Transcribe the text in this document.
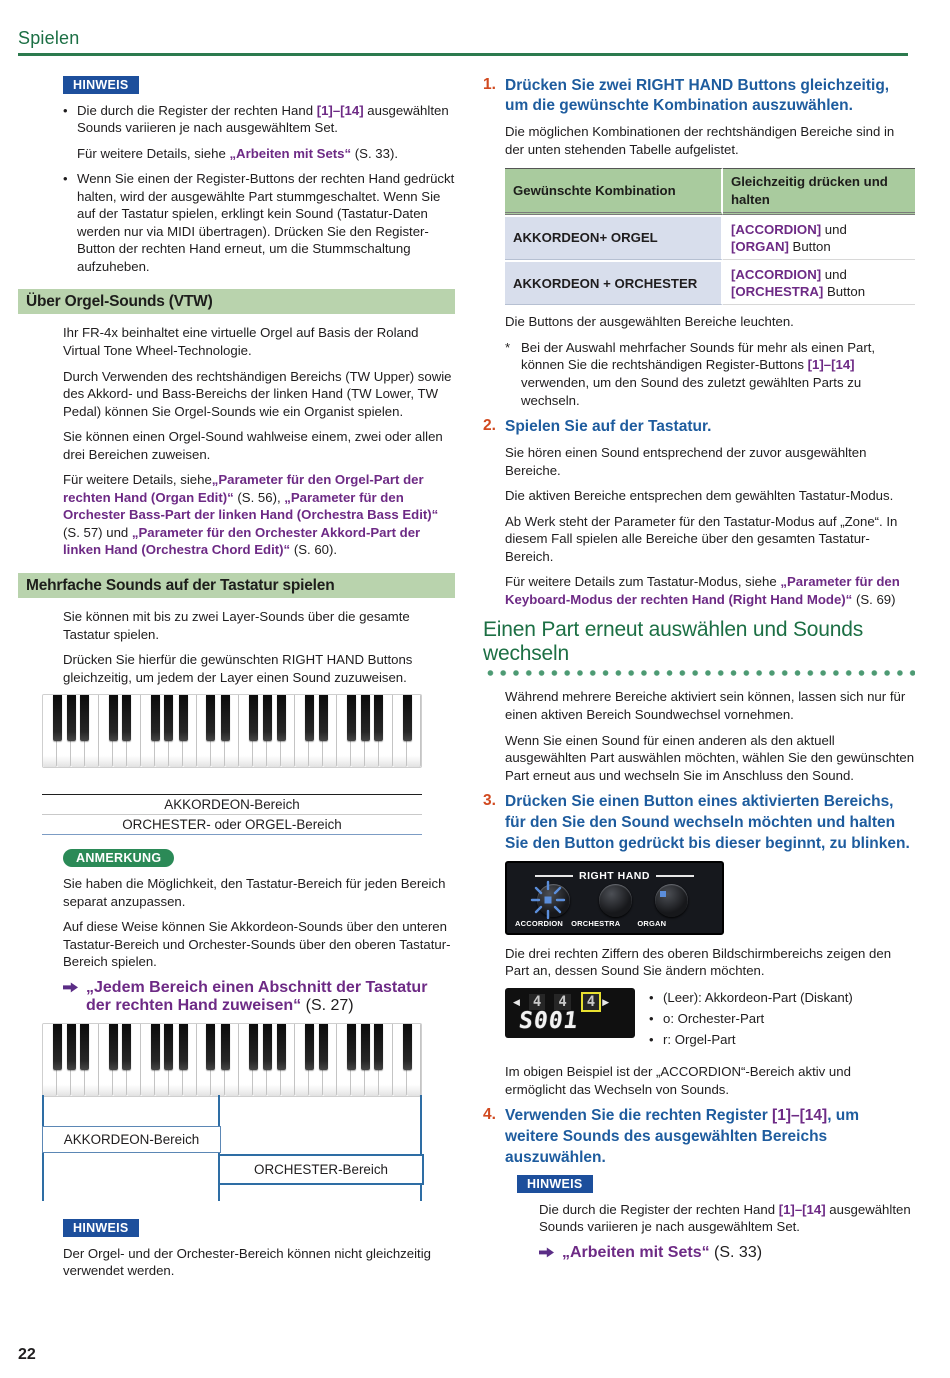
Spielen
HINWEIS

• Die durch die Register der rechten Hand [1]–[14] ausgewählten Sounds variieren je nach ausgewähltem Set.

Für weitere Details, siehe „Arbeiten mit Sets“ (S. 33).

• Wenn Sie einen der Register-Buttons der rechten Hand gedrückt halten, wird der ausgewählte Part stummgeschaltet. Wenn Sie auf der Tastatur spielen, erklingt kein Sound (Tastatur-Daten werden nur via MIDI übertragen). Drücken Sie den Register-Button der rechten Hand erneut, um die Stummschaltung aufzuheben.

Über Orgel-Sounds (VTW)

Ihr FR-4x beinhaltet eine virtuelle Orgel auf Basis der Roland Virtual Tone Wheel-Technologie.

Durch Verwenden des rechtshändigen Bereichs (TW Upper) sowie des Akkord- und Bass-Bereichs der linken Hand (TW Lower, TW Pedal) können Sie Orgel-Sounds wie ein Organist spielen.

Sie können einen Orgel-Sound wahlweise einem, zwei oder allen drei Bereichen zuweisen.

Für weitere Details, siehe„Parameter für den Orgel-Part der rechten Hand (Organ Edit)“ (S. 56), „Parameter für den Orchester Bass-Part der linken Hand (Orchestra Bass Edit)“ (S. 57) und „Parameter für den Orchester Akkord-Part der linken Hand (Orchestra Chord Edit)“ (S. 60).

Mehrfache Sounds auf der Tastatur spielen

Sie können mit bis zu zwei Layer-Sounds über die gesamte Tastatur spielen.

Drücken Sie hierfür die gewünschten RIGHT HAND Buttons gleichzeitig, um jedem der Layer einen Sound zuzuweisen.

AKKORDEON-Bereich
ORCHESTER- oder ORGEL-Bereich
ANMERKUNG

Sie haben die Möglichkeit, den Tastatur-Bereich für jeden Bereich separat anzupassen.

Auf diese Weise können Sie Akkordeon-Sounds über den unteren Tastatur-Bereich und Orchester-Sounds über den oberen Tastatur-Bereich spielen.

„Jedem Bereich einen Abschnitt der Tastatur der rechten Hand zuweisen“ (S. 27)
AKKORDEON-Bereich
ORCHESTER-Bereich
HINWEIS

Der Orgel- und der Orchester-Bereich können nicht gleichzeitig verwendet werden.

1. Drücken Sie zwei RIGHT HAND Buttons gleichzeitig, um die gewünschte Kombination auszuwählen.

Die möglichen Kombinationen der rechtshändigen Bereiche sind in der unten stehenden Tabelle aufgelistet.

Gewünschte Kombination	Gleichzeitig drücken und halten
AKKORDEON+ ORGEL	[ACCORDION] und [ORGAN] Button
AKKORDEON + ORCHESTER	[ACCORDION] und [ORCHESTRA] Button

Die Buttons der ausgewählten Bereiche leuchten.

* Bei der Auswahl mehrfacher Sounds für mehr als einen Part, können Sie die rechtshändigen Register-Buttons [1]–[14] verwenden, um den Sound des zuletzt gewählten Parts zu wechseln.

2. Spielen Sie auf der Tastatur.

Sie hören einen Sound entsprechend der zuvor ausgewählten Bereiche.

Die aktiven Bereiche entsprechen dem gewählten Tastatur-Modus.

Ab Werk steht der Parameter für den Tastatur-Modus auf „Zone“. In diesem Fall spielen alle Bereiche über den gesamten Tastatur-Bereich.

Für weitere Details zum Tastatur-Modus, siehe „Parameter für den Keyboard-Modus der rechten Hand (Right Hand Mode)“ (S. 69)

Einen Part erneut auswählen und Sounds wechseln

Während mehrere Bereiche aktiviert sein können, lassen sich nur für einen aktiven Bereich Soundwechsel vornehmen.

Wenn Sie einen Sound für einen anderen als den aktuell ausgewählten Part auswählen möchten, wählen Sie den gewünschten Part erneut aus und wechseln Sie im Anschluss den Sound.

3. Drücken Sie einen Button eines aktivierten Bereichs, für den Sie den Sound wechseln möchten und halten Sie den Button gedrückt bis dieser beginnt, zu blinken.
RIGHT HAND
ACCORDION ORCHESTRA ORGAN

Die drei rechten Ziffern des oberen Bildschirmbereichs zeigen den Part an, dessen Sound Sie ändern möchten.

◀ 4 4 4 ▶
S001
• (Leer): Akkordeon-Part (Diskant)
• o: Orchester-Part
• r: Orgel-Part

Im obigen Beispiel ist der „ACCORDION“-Bereich aktiv und ermöglicht das Wechseln von Sounds.

4. Verwenden Sie die rechten Register [1]–[14], um weitere Sounds des ausgewählten Bereichs auszuwählen.
HINWEIS

Die durch die Register der rechten Hand [1]–[14] ausgewählten Sounds variieren je nach ausgewähltem Set.

„Arbeiten mit Sets“ (S. 33)
22
